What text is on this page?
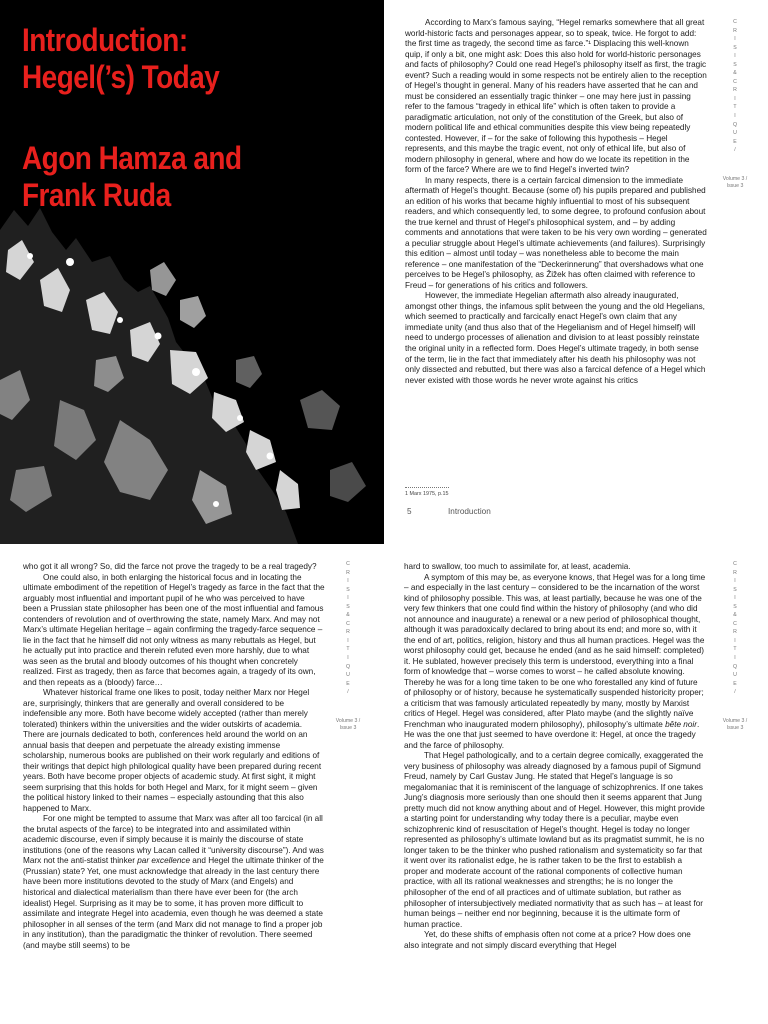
Introduction:
Hegel(’s) Today
Agon Hamza and
Frank Ruda

According to Marx’s famous saying, “Hegel remarks somewhere that all great world-historic facts and personages appear, so to speak, twice. He forgot to add: the first time as tragedy, the second time as farce.”¹ Displacing this well-known quip, if only a bit, one might ask: Does this also hold for world-historic personages and facts of philosophy? Could one read Hegel’s philosophy itself as first, the tragic event? Such a reading would in some respects not be entirely alien to the reception of Hegel’s thought in general. Many of his readers have asserted that he can and must be considered an essentially tragic thinker – one may here just in passing refer to the famous “tragedy in ethical life” which is often taken to provide a paradigmatic articulation, not only of the constitution of the Greek, but also of modern political life and ethical communities despite this view being repeatedly contested. However, if – for the sake of following this hypothesis – Hegel represents, and this maybe the tragic event, not only of ethical life, but also of modern philosophy in general, where and how do we locate its repetition in the form of the farce? Where are we to find Hegel’s inverted twin?

In many respects, there is a certain farcical dimension to the immediate aftermath of Hegel’s thought. Because (some of) his pupils prepared and published an edition of his works that became highly influential to most of his subsequent readers, and which consequently led, to some degree, to profound confusion about the true kernel and thrust of Hegel’s philosophical system, and – by adding comments and annotations that were taken to be his very own wording – generated a peculiar struggle about Hegel’s ultimate achievements (and failures). Surprisingly this edition – almost until today – was nonetheless able to become the main reference – one manifestation of the “Deckerinnerung” that overshadows what one perceives to be Hegel’s philosophy, as Žižek has often claimed with reference to Freud – for generations of his critics and followers.

However, the immediate Hegelian aftermath also already inaugurated, amongst other things, the infamous split between the young and the old Hegelians, which seemed to practically and farcically enact Hegel’s own claim that any immediate unity (and thus also that of the Hegelianism and of Hegel himself) will need to undergo processes of alienation and division to at least possibly reinstate the original unity in a reflected form. Does Hegel’s ultimate tragedy, in both sense of the term, lie in the fact that immediately after his death his philosophy was not only dissected and rebutted, but there was also a farcical defence of a Hegel which never existed with those words he never wrote against his critics

C
R
I
S
I
S
&
C
R
I
T
I
Q
U
E
/
Volume 3 /
Issue 3
1 Marx 1975, p.15
5	Introduction

who got it all wrong? So, did the farce not prove the tragedy to be a real tragedy?

One could also, in both enlarging the historical focus and in locating the ultimate embodiment of the repetition of Hegel’s tragedy as farce in the fact that the arguably most influential and important pupil of he who was perceived to have been a Prussian state philosopher has been one of the most influential and famous contenders of revolution and of overthrowing the state, namely Marx. And may not Marx’s ultimate Hegelian heritage – again confirming the tragedy-farce sequence – lie in the fact that he himself did not only witness as many rebuttals as Hegel, but he actually put into practice and therein refuted even more harshly, due to what was seen as the brutal and bloody outcomes of his thought when concretely realized. First as tragedy, then as farce that becomes again, a tragedy of its own, and then repeats as a (bloody) farce…

Whatever historical frame one likes to posit, today neither Marx nor Hegel are, surprisingly, thinkers that are generally and overall considered to be indefensible any more. Both have become widely accepted (rather than merely tolerated) thinkers within the universities and the wider outskirts of academia. There are journals dedicated to both, conferences held around the world on an annual basis that deepen and perpetuate the already existing immense scholarship, numerous books are published on their work regularly and editions of their writings that depict high philological quality have been prepared during recent years. Both have become proper objects of academic study. At first sight, it might seem surprising that this holds for both Hegel and Marx, for it might seem – given the political history linked to their names – especially astounding that this also happened to Marx.

For one might be tempted to assume that Marx was after all too farcical (in all the brutal aspects of the farce) to be integrated into and assimilated within academic discourse, even if simply because it is mainly the discourse of state institutions (one of the reasons why Lacan called it “university discourse”). And was Marx not the anti-statist thinker par excellence and Hegel the ultimate thinker of the (Prussian) state? Yet, one must acknowledge that already in the last century there have been more institutions devoted to the study of Marx (and Engels) and historical and dialectical materialism than there have ever been for (the arch idealist) Hegel. Surprising as it may be to some, it has proven more difficult to assimilate and integrate Hegel into academia, even though he was deemed a state philosopher in all senses of the term (and Marx did not manage to find a proper job in any institution), than the paradigmatic the thinker of revolution. There seemed (and maybe still seems) to be

C
R
I
S
I
S
&
C
R
I
T
I
Q
U
E
/
Volume 3 /
Issue 3

hard to swallow, too much to assimilate for, at least, academia.

A symptom of this may be, as everyone knows, that Hegel was for a long time – and especially in the last century – considered to be the incarnation of the worst kind of philosophy possible. This was, at least partially, because he was one of the very few thinkers that one could find within the history of philosophy (and who did not announce and inaugurate) a renewal or a new period of philosophical thought, although it was paradoxically declared to bring about its end; and more so, with it the end of art, politics, religion, history and thus all human practices. Hegel was the worst philosophy could get, because he ended (and as he said himself: completed) it. He sublated, however precisely this term is understood, everything into a final form of knowledge that – worse comes to worst – he called absolute knowing. Thereby he was for a long time taken to be one who forestalled any kind of future of philosophy or of history, because he systematically suspended historicity proper; a criticism that was famously articulated repeatedly by many, mostly by Marxist critics of Hegel. Hegel was considered, after Plato maybe (and the slightly naïve Frenchman who inaugurated modern philosophy), philosophy’s ultimate bête noir. He was the one that just seemed to have overdone it: Hegel, at once the tragedy and the farce of philosophy.

That Hegel pathologically, and to a certain degree comically, exaggerated the very business of philosophy was already diagnosed by a famous pupil of Sigmund Freud, namely by Carl Gustav Jung. He stated that Hegel’s language is so megalomaniac that it is reminiscent of the language of schizophrenics. If one takes Jung’s diagnosis more seriously than one should then it seems apparent that Jung pretty much did not know anything about and of Hegel. However, this might provide a starting point for understanding why today there is a peculiar, maybe even schizophrenic kind of resuscitation of Hegel’s thought. Hegel is today no longer represented as philosophy’s ultimate lowland but as its pragmatist summit, he is no longer taken to be the thinker who pushed rationalism and systematicity so far that it went over its rationalist edge, he is rather taken to be the first to establish a proper and moderate account of the rational components of collective human practice, with all its rational weaknesses and strengths; he is no longer the philosopher of the end of all practices and of ultimate sublation, but rather as philosopher of intersubjectively mediated normativity that as such has – at least for human beings – neither end nor beginning, because it is the ultimate form of human practice.

Yet, do these shifts of emphasis often not come at a price? How does one also integrate and not simply discard everything that Hegel

C
R
I
S
I
S
&
C
R
I
T
I
Q
U
E
/
Volume 3 /
Issue 3
